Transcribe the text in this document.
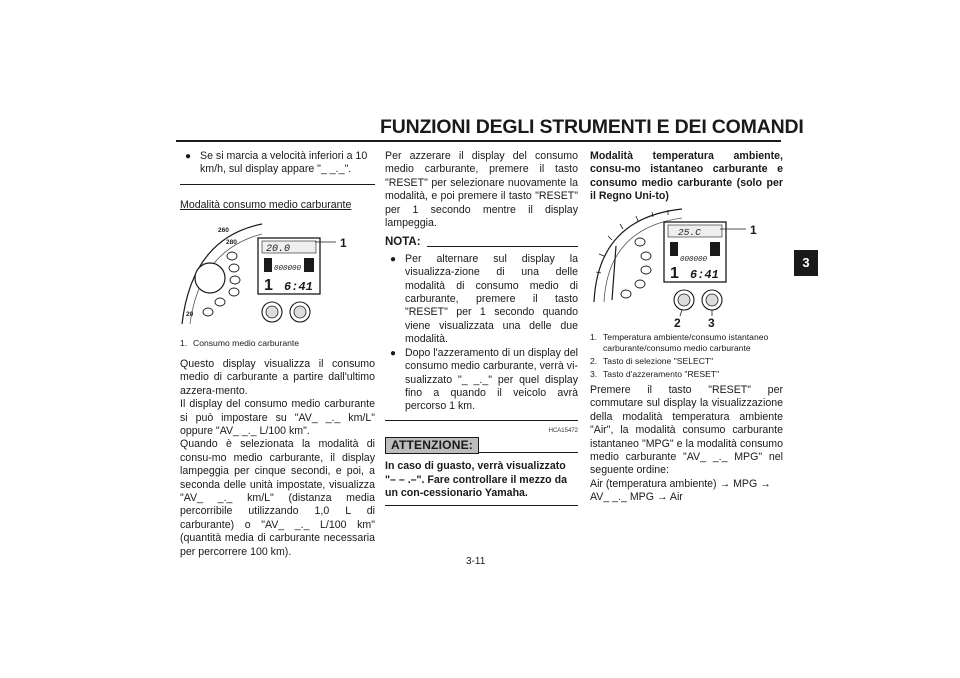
FUNZIONI DEGLI STRUMENTI E DEI COMANDI
3
● Se si marcia a velocità inferiori a 10 km/h, sul display appare "_ _._".
Modalità consumo medio carburante
260
280
20
20.0
000000
1 6:41
1
1. Consumo medio carburante
Questo display visualizza il consumo medio di carburante a partire dall'ultimo azzera-mento.
Il display del consumo medio carburante si può impostare su "AV_ _._ km/L" oppure "AV_ _._ L/100 km".
Quando è selezionata la modalità di consu-mo medio carburante, il display lampeggia per cinque secondi, e poi, a seconda delle unità impostate, visualizza "AV_ _._ km/L" (distanza media percorribile utilizzando 1,0 L di carburante) o "AV_ _._ L/100 km" (quantità media di carburante necessaria per percorrere 100 km).
Per azzerare il display del consumo medio carburante, premere il tasto "RESET" per selezionare nuovamente la modalità, e poi premere il tasto "RESET" per 1 secondo mentre il display lampeggia.
NOTA:
● Per alternare sul display la visualizza-zione di una delle modalità di consumo medio di carburante, premere il tasto "RESET" per 1 secondo quando viene visualizzata una delle due modalità.
● Dopo l'azzeramento di un display del consumo medio carburante, verrà vi-sualizzato "_ _._" per quel display fino a quando il veicolo avrà percorso 1 km.
HCA15472
ATTENZIONE:
In caso di guasto, verrà visualizzato "– – .–". Fare controllare il mezzo da un con-cessionario Yamaha.
Modalità temperatura ambiente, consu-mo istantaneo carburante e consumo medio carburante (solo per il Regno Uni-to)
25.C
000000
1 6:41
1
2 3
1. Temperatura ambiente/consumo istantaneo carburante/consumo medio carburante
2. Tasto di selezione "SELECT"
3. Tasto d'azzeramento "RESET"
Premere il tasto "RESET" per commutare sul display la visualizzazione della modalità temperatura ambiente "Air", la modalità consumo carburante istantaneo "MPG" e la modalità consumo medio carburante "AV_ _._ MPG" nel seguente ordine:
Air (temperatura ambiente) → MPG → AV_ _._ MPG → Air
3-11
